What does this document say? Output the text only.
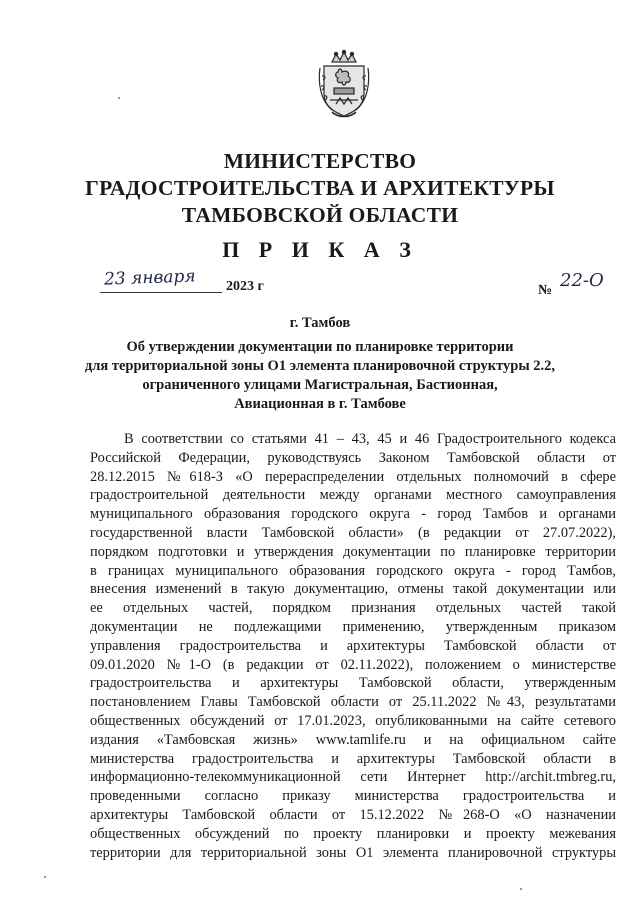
МИНИСТЕРСТВО
ГРАДОСТРОИТЕЛЬСТВА И АРХИТЕКТУРЫ
ТАМБОВСКОЙ ОБЛАСТИ
П Р И К А З
23 января 2023 г	№ 22-О
г. Тамбов
Об утверждении документации по планировке территории
для территориальной зоны О1 элемента планировочной структуры 2.2,
ограниченного улицами Магистральная, Бастионная,
Авиационная в г. Тамбове
В соответствии со статьями 41 – 43, 45 и 46 Градостроительного кодекса
Российской Федерации, руководствуясь Законом Тамбовской области от
28.12.2015 №618-З «О перераспределении отдельных полномочий в сфере
градостроительной деятельности между органами местного самоуправления
муниципального образования городского округа - город Тамбов и органами
государственной власти Тамбовской области» (в редакции от 27.07.2022),
порядком подготовки и утверждения документации по планировке территории
в границах муниципального образования городского округа - город Тамбов,
внесения изменений в такую документацию, отмены такой документации или
ее отдельных частей, порядком признания отдельных частей такой
документации не подлежащими применению, утвержденным приказом
управления градостроительства и архитектуры Тамбовской области от
09.01.2020 №1-О (в редакции от 02.11.2022), положением о министерстве
градостроительства и архитектуры Тамбовской области, утвержденным
постановлением Главы Тамбовской области от 25.11.2022 №43, результатами
общественных обсуждений от 17.01.2023, опубликованными на сайте сетевого
издания «Тамбовская жизнь» www.tamlife.ru и на официальном сайте
министерства градостроительства и архитектуры Тамбовской области в
информационно-телекоммуникационной сети Интернет http://archit.tmbreg.ru,
проведенными согласно приказу министерства градостроительства и
архитектуры Тамбовской области от 15.12.2022 №268-О «О назначении
общественных обсуждений по проекту планировки и проекту межевания
территории для территориальной зоны О1 элемента планировочной структуры
